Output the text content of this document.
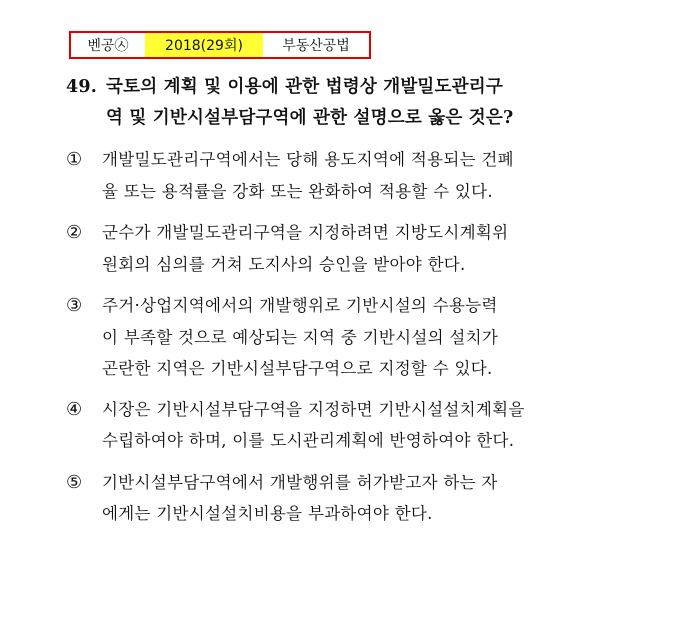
벤공㉦	2018(29회)	부동산공법
49. 국토의 계획 및 이용에 관한 법령상 개발밀도관리구
역 및 기반시설부담구역에 관한 설명으로 옳은 것은?
①	개발밀도관리구역에서는 당해 용도지역에 적용되는 건폐
율 또는 용적률을 강화 또는 완화하여 적용할 수 있다.
②	군수가 개발밀도관리구역을 지정하려면 지방도시계획위
원회의 심의를 거쳐 도지사의 승인을 받아야 한다.
③	주거·상업지역에서의 개발행위로 기반시설의 수용능력
이 부족할 것으로 예상되는 지역 중 기반시설의 설치가
곤란한 지역은 기반시설부담구역으로 지정할 수 있다.
④	시장은 기반시설부담구역을 지정하면 기반시설설치계획을
수립하여야 하며, 이를 도시관리계획에 반영하여야 한다.
⑤	기반시설부담구역에서 개발행위를 허가받고자 하는 자
에게는 기반시설설치비용을 부과하여야 한다.
